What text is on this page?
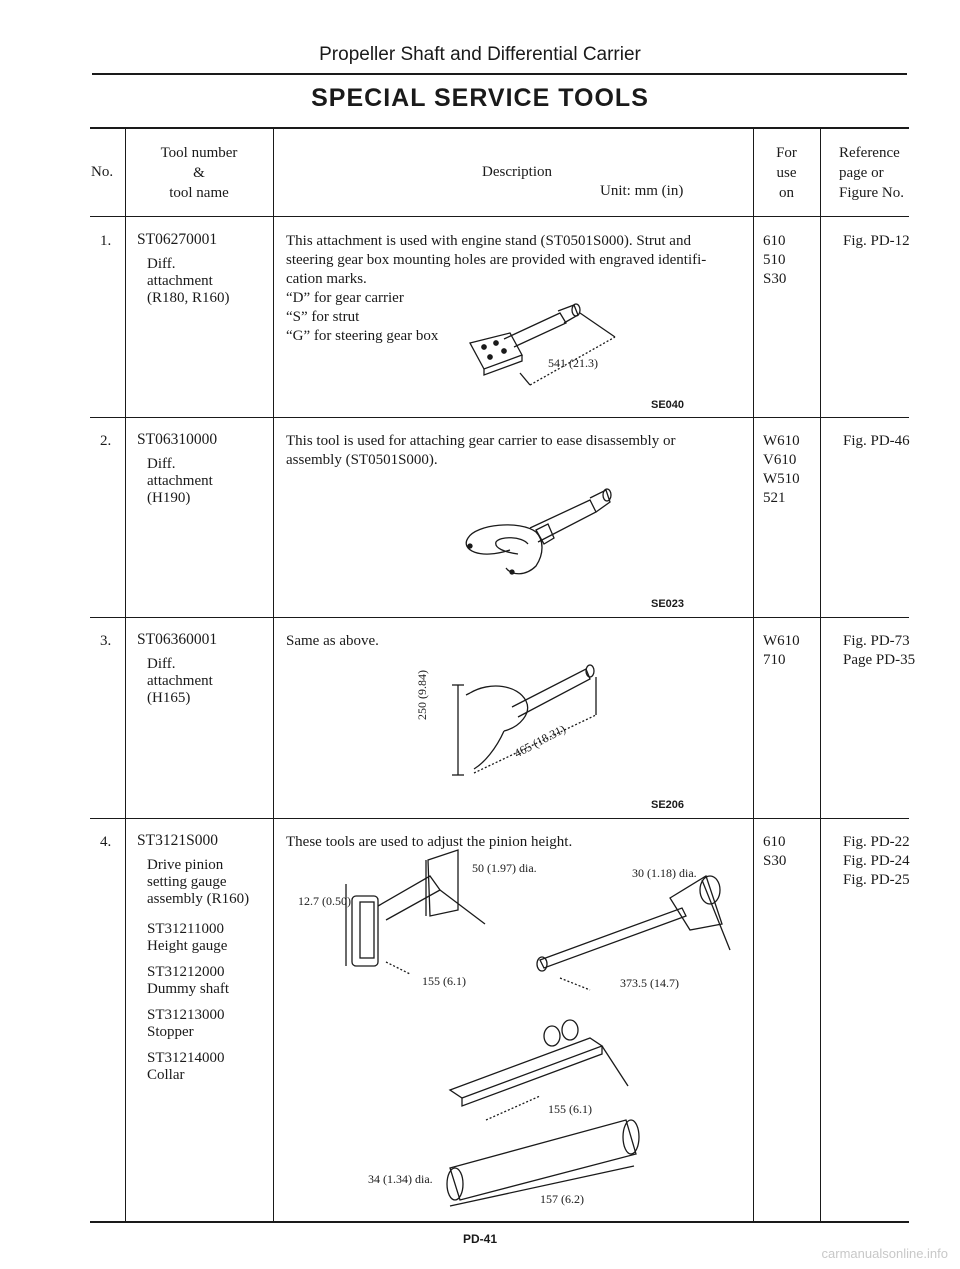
Propeller Shaft and Differential Carrier
SPECIAL SERVICE TOOLS
No.
Tool number
&
tool name
Description
Unit: mm (in)
For
use
on
Reference
page or
Figure No.
1. ST06270001
Diff.
attachment
(R180, R160)
This attachment is used with engine stand (ST0501S000). Strut and
steering gear box mounting holes are provided with engraved identifi-
cation marks.
“D” for gear carrier
“S” for strut
“G” for steering gear box
541 (21.3)
SE040
610
510
S30
Fig. PD-12
2. ST06310000
Diff.
attachment
(H190)
This tool is used for attaching gear carrier to ease disassembly or
assembly (ST0501S000).
SE023
W610
V610
W510
521
Fig. PD-46
3. ST06360001
Diff.
attachment
(H165)
Same as above.
250 (9.84)
465 (18.31)
SE206
W610
710
Fig. PD-73
Page PD-35
4. ST3121S000
Drive pinion
setting gauge
assembly (R160)
ST31211000
Height gauge
ST31212000
Dummy shaft
ST31213000
Stopper
ST31214000
Collar
These tools are used to adjust the pinion height.
50 (1.97) dia.	30 (1.18) dia.
12.7 (0.50)
155 (6.1)	373.5 (14.7)
155 (6.1)
34 (1.34) dia.
157 (6.2)
610
S30
Fig. PD-22
Fig. PD-24
Fig. PD-25
PD-41
carmanualsonline.info
